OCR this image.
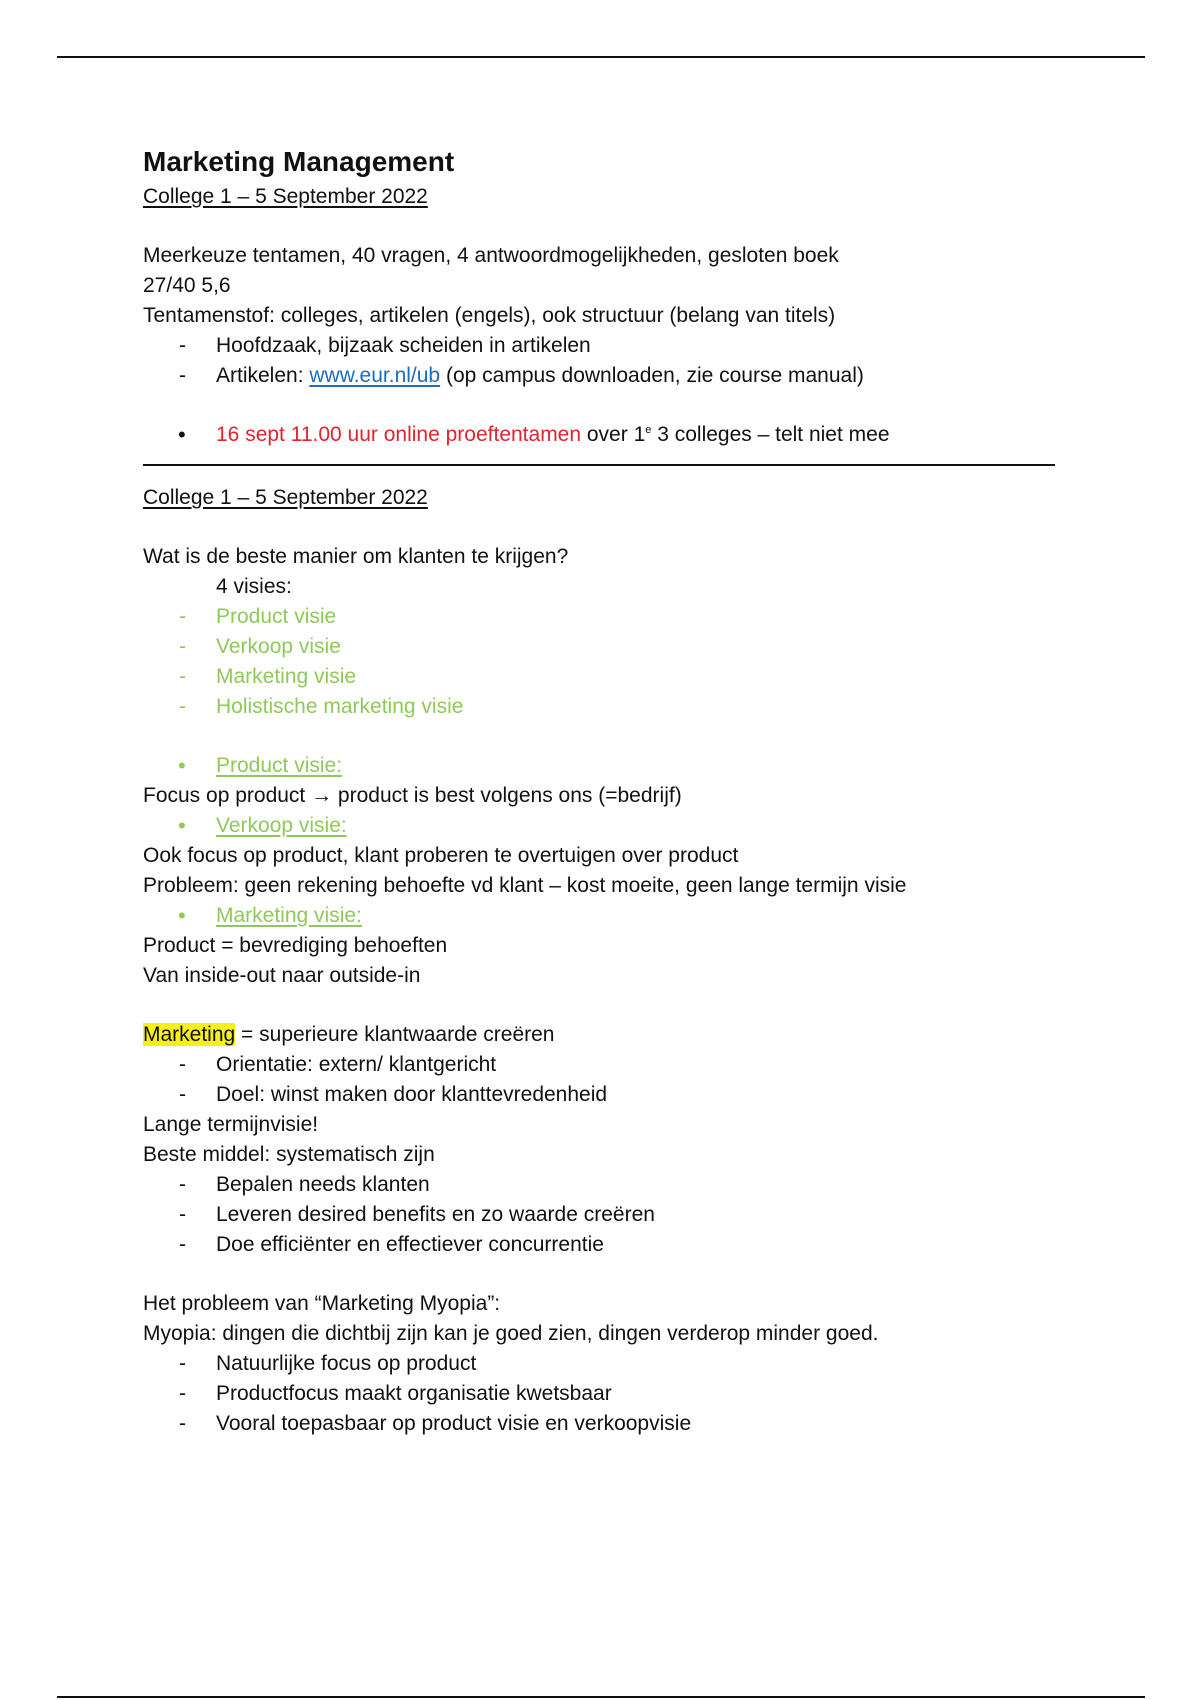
Marketing Management
College 1 – 5 September 2022
Meerkeuze tentamen, 40 vragen, 4 antwoordmogelijkheden, gesloten boek
27/40 5,6
Tentamenstof: colleges, artikelen (engels), ook structuur (belang van titels)
- Hoofdzaak, bijzaak scheiden in artikelen
- Artikelen: www.eur.nl/ub (op campus downloaden, zie course manual)
• 16 sept 11.00 uur online proeftentamen over 1e 3 colleges – telt niet mee
College 1 – 5 September 2022
Wat is de beste manier om klanten te krijgen?
4 visies:
- Product visie
- Verkoop visie
- Marketing visie
- Holistische marketing visie
• Product visie:
Focus op product → product is best volgens ons (=bedrijf)
• Verkoop visie:
Ook focus op product, klant proberen te overtuigen over product
Probleem: geen rekening behoefte vd klant – kost moeite, geen lange termijn visie
• Marketing visie:
Product = bevrediging behoeften
Van inside-out naar outside-in
Marketing = superieure klantwaarde creëren
- Orientatie: extern/ klantgericht
- Doel: winst maken door klanttevredenheid
Lange termijnvisie!
Beste middel: systematisch zijn
- Bepalen needs klanten
- Leveren desired benefits en zo waarde creëren
- Doe efficiënter en effectiever concurrentie
Het probleem van “Marketing Myopia”:
Myopia: dingen die dichtbij zijn kan je goed zien, dingen verderop minder goed.
- Natuurlijke focus op product
- Productfocus maakt organisatie kwetsbaar
- Vooral toepasbaar op product visie en verkoopvisie
